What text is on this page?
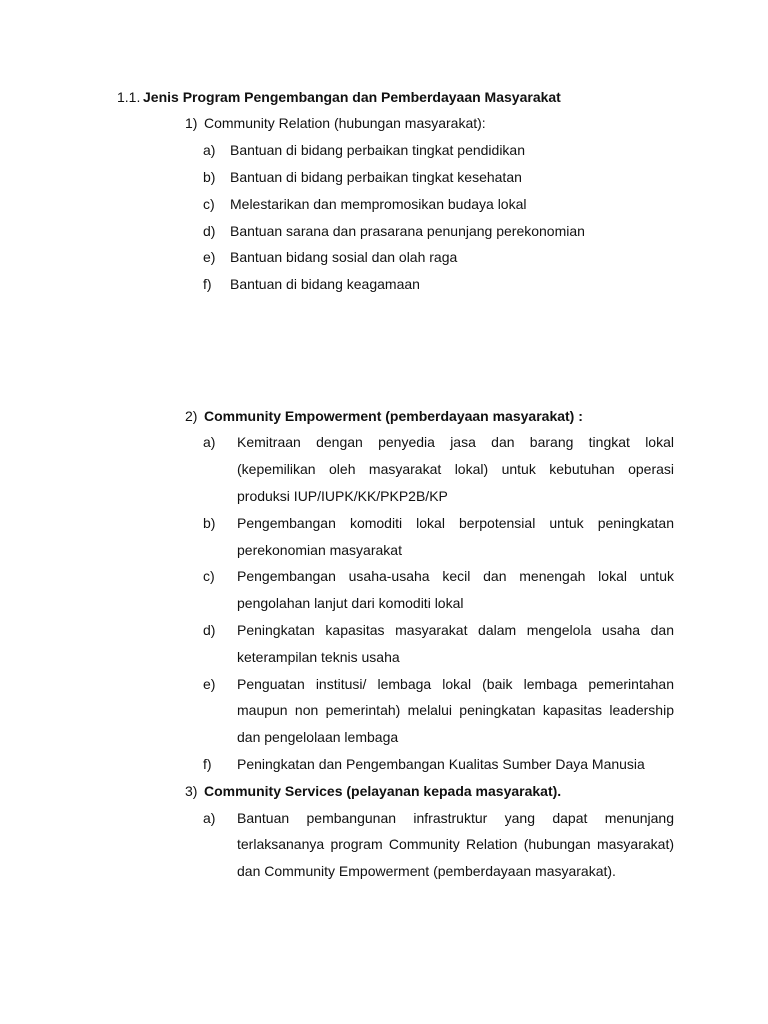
1.1. Jenis Program Pengembangan dan Pemberdayaan Masyarakat
1) Community Relation (hubungan masyarakat):
a) Bantuan di bidang perbaikan tingkat pendidikan
b) Bantuan di bidang perbaikan tingkat kesehatan
c) Melestarikan dan mempromosikan budaya lokal
d) Bantuan sarana dan prasarana penunjang perekonomian
e) Bantuan bidang sosial dan olah raga
f) Bantuan di bidang keagamaan
2) Community Empowerment (pemberdayaan masyarakat) :
a) Kemitraan dengan penyedia jasa dan barang tingkat lokal
(kepemilikan oleh masyarakat lokal) untuk kebutuhan operasi
produksi IUP/IUPK/KK/PKP2B/KP
b) Pengembangan komoditi lokal berpotensial untuk peningkatan
perekonomian masyarakat
c) Pengembangan usaha-usaha kecil dan menengah lokal untuk
pengolahan lanjut dari komoditi lokal
d) Peningkatan kapasitas masyarakat dalam mengelola usaha dan
keterampilan teknis usaha
e) Penguatan institusi/ lembaga lokal (baik lembaga pemerintahan
maupun non pemerintah) melalui peningkatan kapasitas leadership
dan pengelolaan lembaga
f) Peningkatan dan Pengembangan Kualitas Sumber Daya Manusia
3) Community Services (pelayanan kepada masyarakat).
a) Bantuan pembangunan infrastruktur yang dapat menunjang
terlaksananya program Community Relation (hubungan masyarakat)
dan Community Empowerment (pemberdayaan masyarakat).
